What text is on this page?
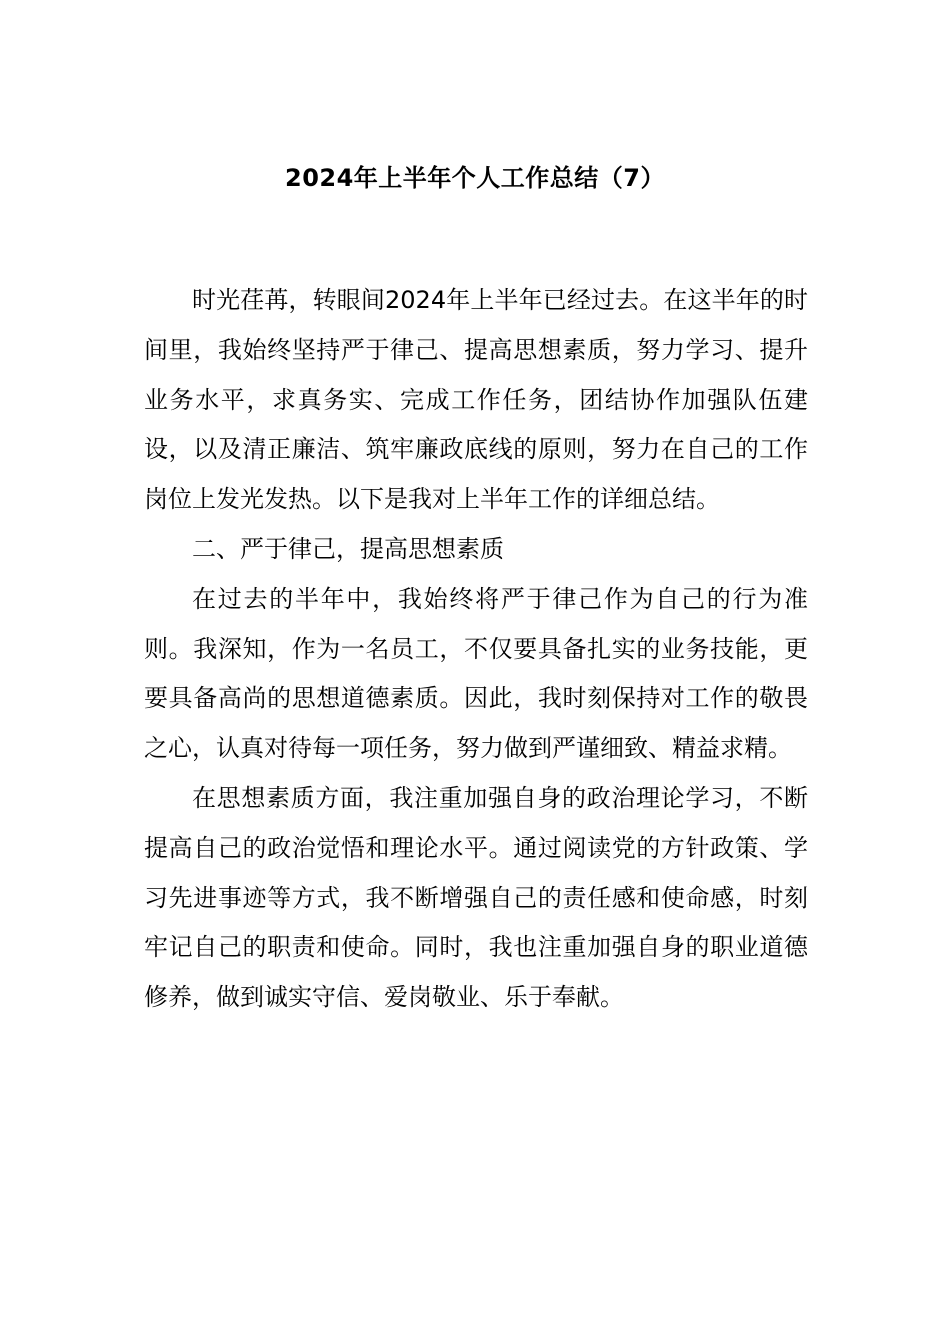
2024年上半年个人工作总结（7）

时光荏苒，转眼间2024年上半年已经过去。在这半年的时间里，我始终坚持严于律己、提高思想素质，努力学习、提升业务水平，求真务实、完成工作任务，团结协作加强队伍建设，以及清正廉洁、筑牢廉政底线的原则，努力在自己的工作岗位上发光发热。以下是我对上半年工作的详细总结。

二、严于律己，提高思想素质

在过去的半年中，我始终将严于律己作为自己的行为准则。我深知，作为一名员工，不仅要具备扎实的业务技能，更要具备高尚的思想道德素质。因此，我时刻保持对工作的敬畏之心，认真对待每一项任务，努力做到严谨细致、精益求精。

在思想素质方面，我注重加强自身的政治理论学习，不断提高自己的政治觉悟和理论水平。通过阅读党的方针政策、学习先进事迹等方式，我不断增强自己的责任感和使命感，时刻牢记自己的职责和使命。同时，我也注重加强自身的职业道德修养，做到诚实守信、爱岗敬业、乐于奉献。
